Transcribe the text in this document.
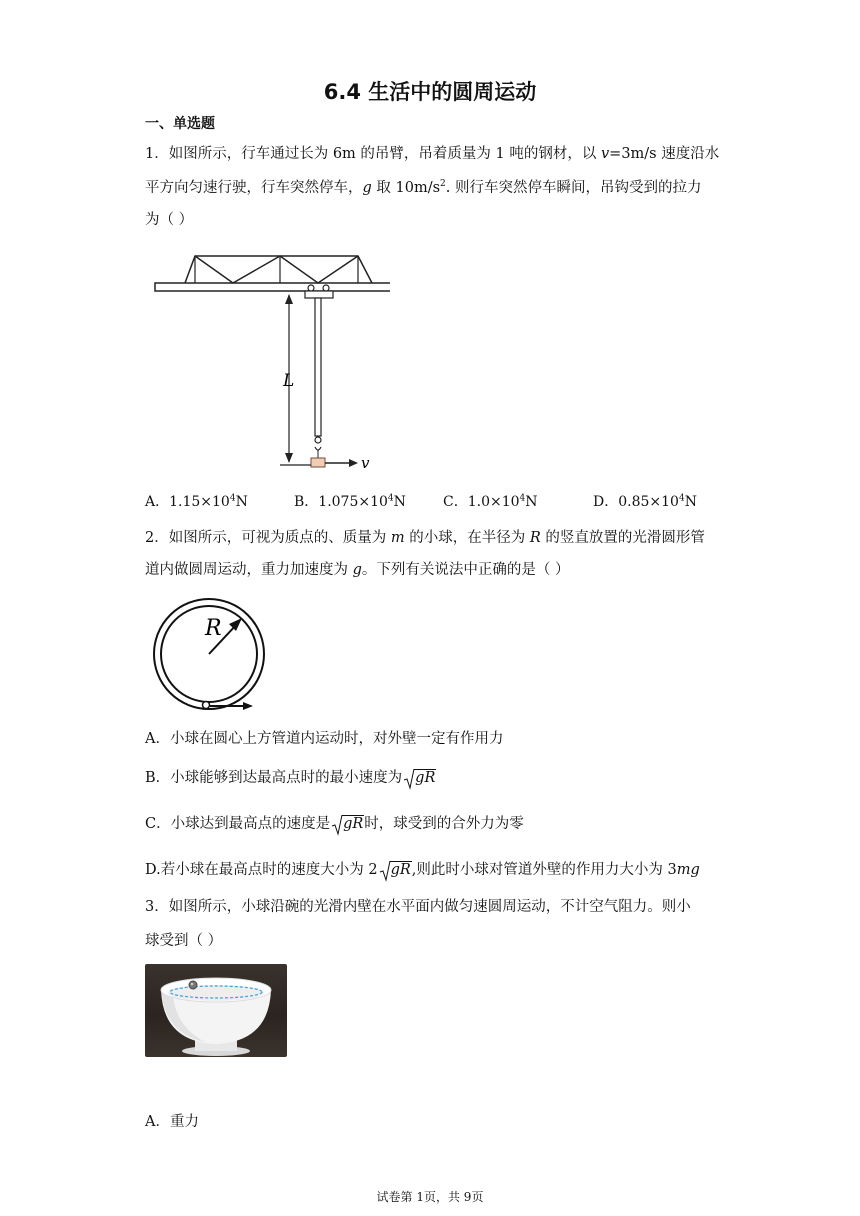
6.4 生活中的圆周运动
一、单选题
1．如图所示，行车通过长为 6m 的吊臂，吊着质量为 1 吨的钢材，以 v=3m/s 速度沿水
平方向匀速行驶，行车突然停车，g 取 $10m/s^2$. 则行车突然停车瞬间，吊钩受到的拉力
为（ ）
L
v
A．$1.15\times 10^4N$	B．$1.075\times 10^4N$	C．$1.0\times 10^4N$	D．$0.85\times 10^4N$
2．如图所示，可视为质点的、质量为 m 的小球，在半径为 R 的竖直放置的光滑圆形管
道内做圆周运动，重力加速度为 g。下列有关说法中正确的是（ ）
R
A．小球在圆心上方管道内运动时，对外壁一定有作用力
B．小球能够到达最高点时的最小速度为 gR
C．小球达到最高点的速度是 gR时，球受到的合外力为零
D.若小球在最高点时的速度大小为 2 gR,则此时小球对管道外壁的作用力大小为 3mg
3．如图所示，小球沿碗的光滑内壁在水平面内做匀速圆周运动，不计空气阻力。则小
球受到（ ）
A．重力
试卷第 1页，共 9页
